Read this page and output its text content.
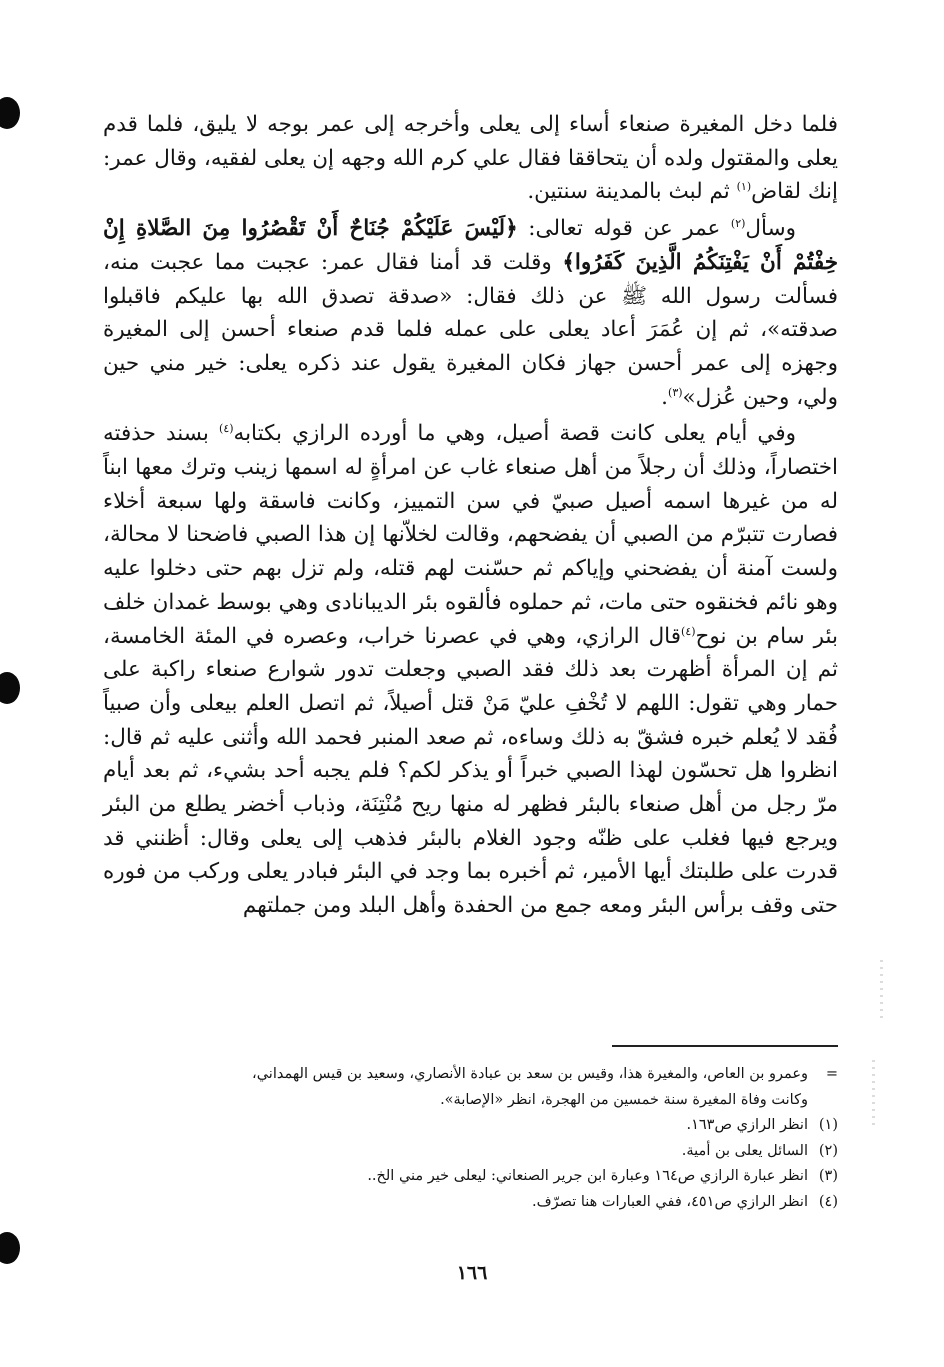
فلما دخل المغيرة صنعاء أساء إلى يعلى وأخرجه إلى عمر بوجه لا يليق، فلما قدم يعلى والمقتول ولده أن يتحاققا فقال علي كرم الله وجهه إن يعلى لفقيه، وقال عمر: إنك لقاض$^{(١)}$ ثم لبث بالمدينة سنتين.

وسأل$^{(٢)}$ عمر عن قوله تعالى: ﴿لَيْسَ عَلَيْكُمْ جُنَاحٌ أَنْ تَقْصُرُوا مِنَ الصَّلاةِ إِنْ خِفْتُمْ أَنْ يَفْتِنَكُمُ الَّذِينَ كَفَرُوا﴾ وقلت قد أمنا فقال عمر: عجبت مما عجبت منه، فسألت رسول الله ﷺ عن ذلك فقال: «صدقة تصدق الله بها عليكم فاقبلوا صدقته»، ثم إن عُمَرَ أعاد يعلى على عمله فلما قدم صنعاء أحسن إلى المغيرة وجهزه إلى عمر أحسن جهاز فكان المغيرة يقول عند ذكره يعلى: خير مني حين ولي، وحين عُزل»$^{(٣)}$.

وفي أيام يعلى كانت قصة أصيل، وهي ما أورده الرازي بكتابه$^{(٤)}$ بسند حذفته اختصاراً، وذلك أن رجلاً من أهل صنعاء غاب عن امرأةٍ له اسمها زينب وترك معها ابناً له من غيرها اسمه أصيل صبيّ في سن التمييز، وكانت فاسقة ولها سبعة أخلاء فصارت تتبرّم من الصبي أن يفضحهم، وقالت لخلاّنها إن هذا الصبي فاضحنا لا محالة، ولست آمنة أن يفضحني وإياكم ثم حسّنت لهم قتله، ولم تزل بهم حتى دخلوا عليه وهو نائم فخنقوه حتى مات، ثم حملوه فألقوه بئر الديبانادى وهي بوسط غمدان خلف بئر سام بن نوح$^{(٤)}$قال الرازي، وهي في عصرنا خراب، وعصره في المئة الخامسة، ثم إن المرأة أظهرت بعد ذلك فقد الصبي وجعلت تدور شوارع صنعاء راكبة على حمار وهي تقول: اللهم لا تُخْفِ عليّ مَنْ قتل أصيلاً، ثم اتصل العلم بيعلى وأن صبياً فُقد لا يُعلم خبره فشقّ به ذلك وساءه، ثم صعد المنبر فحمد الله وأثنى عليه ثم قال: انظروا هل تحسّون لهذا الصبي خبراً أو يذكر لكم؟ فلم يجبه أحد بشيء، ثم بعد أيام مرّ رجل من أهل صنعاء بالبئر فظهر له منها ريح مُنْتِنَة، وذباب أخضر يطلع من البئر ويرجع فيها فغلب على ظنّه وجود الغلام بالبئر فذهب إلى يعلى وقال: أظنني قد قدرت على طلبتك أيها الأمير، ثم أخبره بما وجد في البئر فبادر يعلى وركب من فوره حتى وقف برأس البئر ومعه جمع من الحفدة وأهل البلد ومن جملتهم

=وعمرو بن العاص، والمغيرة هذا، وقيس بن سعد بن عبادة الأنصاري، وسعيد بن قيس الهمداني،

وكانت وفاة المغيرة سنة خمسين من الهجرة، انظر «الإصابة».

(١)انظر الرازي ص١٦٣.

(٢)السائل يعلى بن أمية.

(٣)انظر عبارة الرازي ص١٦٤ وعبارة ابن جرير الصنعاني: ليعلى خير مني الخ..

(٤)انظر الرازي ص٤٥١، ففي العبارات هنا تصرّف.

١٦٦
